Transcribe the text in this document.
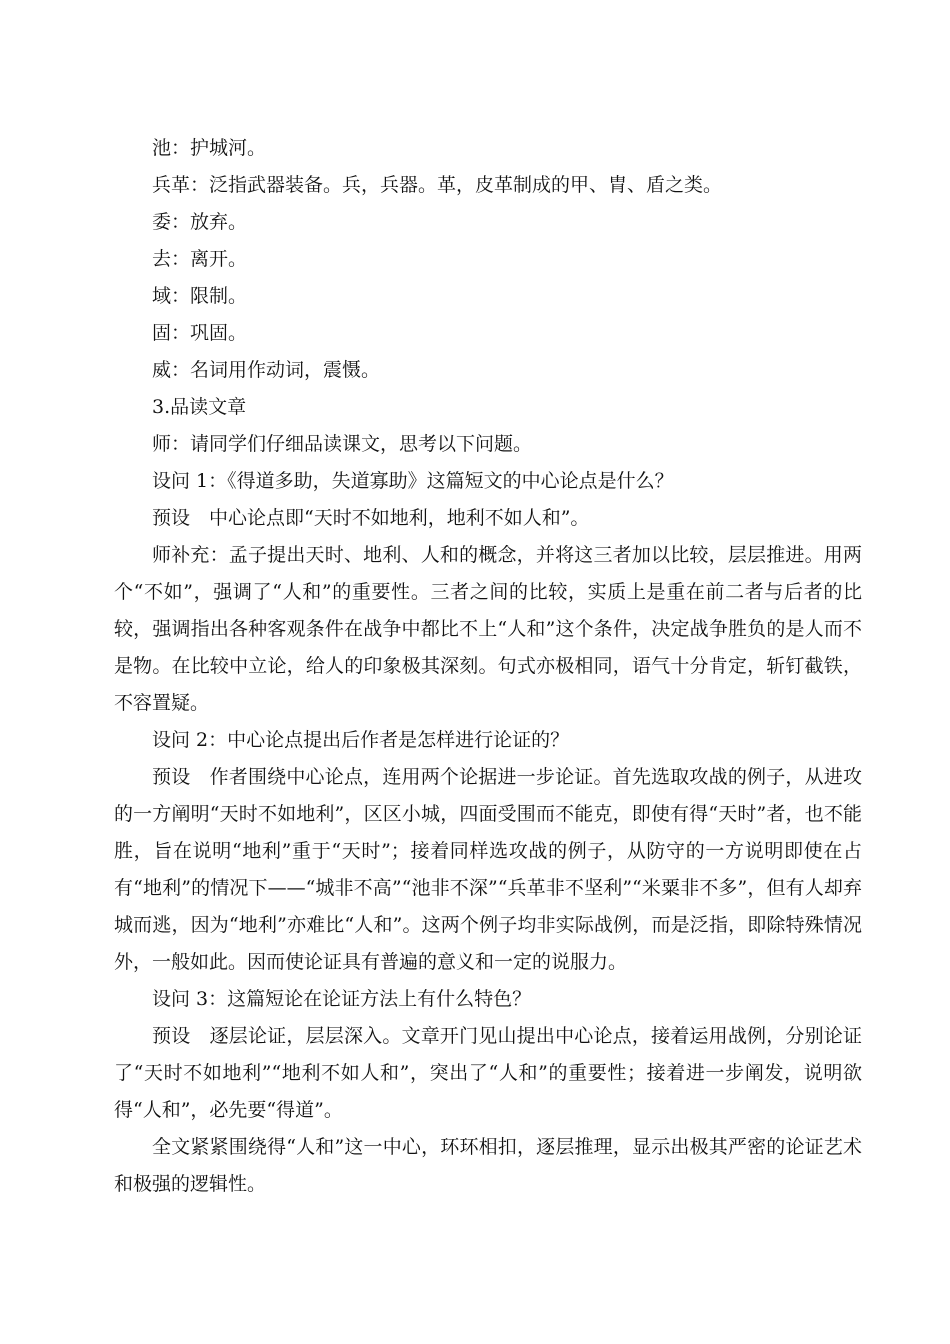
池：护城河。

兵革：泛指武器装备。兵，兵器。革，皮革制成的甲、胄、盾之类。

委：放弃。

去：离开。

域：限制。

固：巩固。

威：名词用作动词，震慑。

3.品读文章

师：请同学们仔细品读课文，思考以下问题。

设问 1：《得道多助，失道寡助》这篇短文的中心论点是什么？

预设　中心论点即“天时不如地利，地利不如人和”。

师补充：孟子提出天时、地利、人和的概念，并将这三者加以比较，层层推进。用两个“不如”，强调了“人和”的重要性。三者之间的比较，实质上是重在前二者与后者的比较，强调指出各种客观条件在战争中都比不上“人和”这个条件，决定战争胜负的是人而不是物。在比较中立论，给人的印象极其深刻。句式亦极相同，语气十分肯定，斩钉截铁，不容置疑。

设问 2：中心论点提出后作者是怎样进行论证的？

预设　作者围绕中心论点，连用两个论据进一步论证。首先选取攻战的例子，从进攻的一方阐明“天时不如地利”，区区小城，四面受围而不能克，即使有得“天时”者，也不能胜，旨在说明“地利”重于“天时”；接着同样选攻战的例子，从防守的一方说明即使在占有“地利”的情况下——“城非不高”“池非不深”“兵革非不坚利”“米粟非不多”，但有人却弃城而逃，因为“地利”亦难比“人和”。这两个例子均非实际战例，而是泛指，即除特殊情况外，一般如此。因而使论证具有普遍的意义和一定的说服力。

设问 3：这篇短论在论证方法上有什么特色？

预设　逐层论证，层层深入。文章开门见山提出中心论点，接着运用战例，分别论证了“天时不如地利”“地利不如人和”，突出了“人和”的重要性；接着进一步阐发，说明欲得“人和”，必先要“得道”。

全文紧紧围绕得“人和”这一中心，环环相扣，逐层推理，显示出极其严密的论证艺术和极强的逻辑性。
